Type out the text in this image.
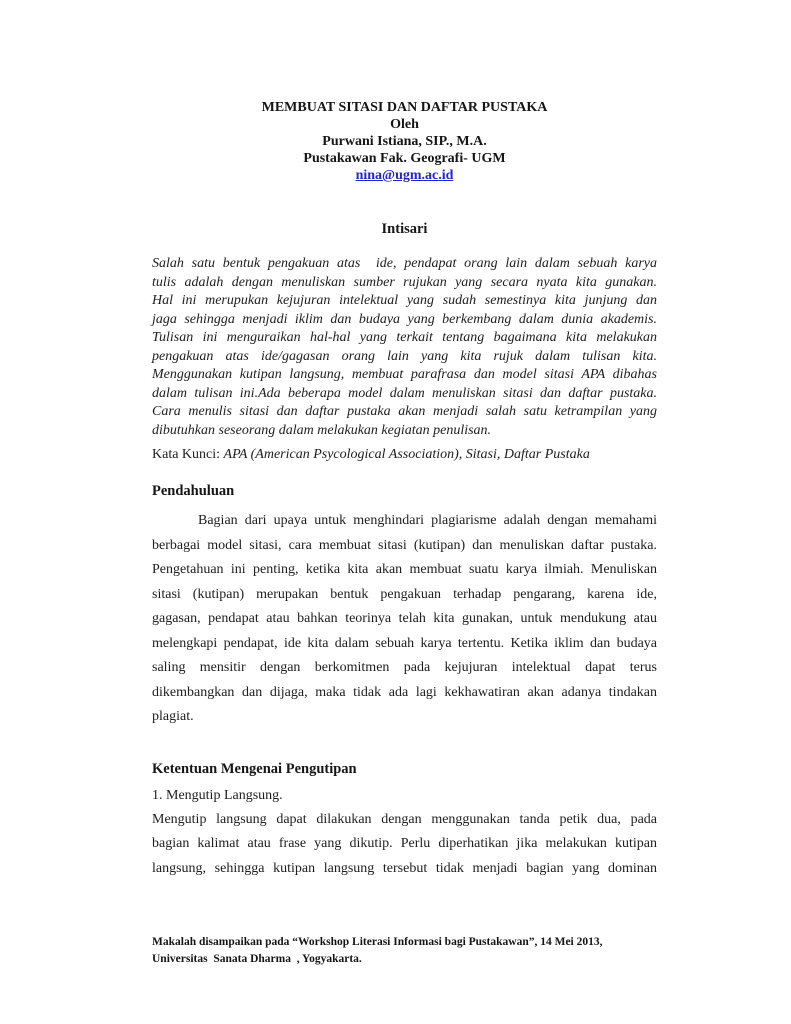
MEMBUAT SITASI DAN DAFTAR PUSTAKA
Oleh
Purwani Istiana, SIP., M.A.
Pustakawan Fak. Geografi- UGM
nina@ugm.ac.id
Intisari
Salah satu bentuk pengakuan atas  ide, pendapat orang lain dalam sebuah karya
tulis adalah dengan menuliskan sumber rujukan yang secara nyata kita gunakan.
Hal ini merupukan kejujuran intelektual yang sudah semestinya kita junjung dan
jaga sehingga menjadi iklim dan budaya yang berkembang dalam dunia akademis.
Tulisan ini menguraikan hal-hal yang terkait tentang bagaimana kita melakukan
pengakuan atas ide/gagasan orang lain yang kita rujuk dalam tulisan kita.
Menggunakan kutipan langsung, membuat parafrasa dan model sitasi APA dibahas
dalam tulisan ini.Ada beberapa model dalam menuliskan sitasi dan daftar pustaka.
Cara menulis sitasi dan daftar pustaka akan menjadi salah satu ketrampilan yang
dibutuhkan seseorang dalam melakukan kegiatan penulisan.

Kata Kunci: APA (American Psycological Association), Sitasi, Daftar Pustaka

Pendahuluan
Bagian dari upaya untuk menghindari plagiarisme adalah dengan memahami
berbagai model sitasi, cara membuat sitasi (kutipan) dan menuliskan daftar pustaka.
Pengetahuan ini penting, ketika kita akan membuat suatu karya ilmiah. Menuliskan
sitasi (kutipan) merupakan bentuk pengakuan terhadap pengarang, karena ide,
gagasan, pendapat atau bahkan teorinya telah kita gunakan, untuk mendukung atau
melengkapi pendapat, ide kita dalam sebuah karya tertentu. Ketika iklim dan budaya
saling mensitir dengan berkomitmen pada kejujuran intelektual dapat terus
dikembangkan dan dijaga, maka tidak ada lagi kekhawatiran akan adanya tindakan
plagiat.
Ketentuan Mengenai Pengutipan

1. Mengutip Langsung.

Mengutip langsung dapat dilakukan dengan menggunakan tanda petik dua, pada
bagian kalimat atau frase yang dikutip. Perlu diperhatikan jika melakukan kutipan
langsung, sehingga kutipan langsung tersebut tidak menjadi bagian yang dominan
Makalah disampaikan pada “Workshop Literasi Informasi bagi Pustakawan”, 14 Mei 2013,
Universitas  Sanata Dharma  , Yogyakarta.
